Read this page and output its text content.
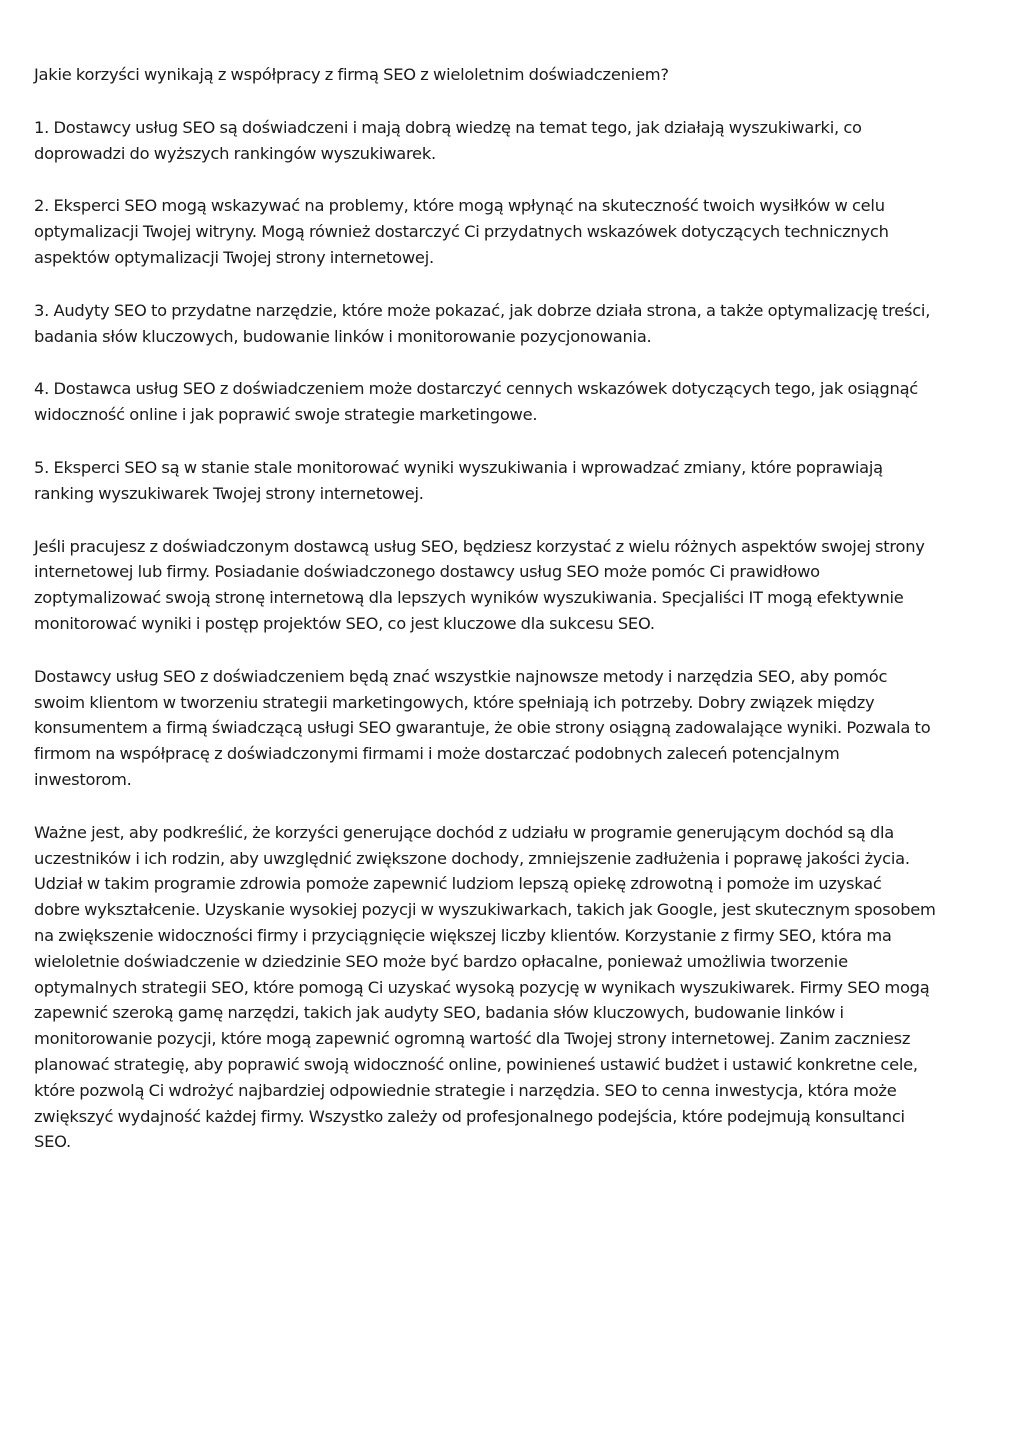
Jakie korzyści wynikają z współpracy z firmą SEO z wieloletnim doświadczeniem?

1. Dostawcy usług SEO są doświadczeni i mają dobrą wiedzę na temat tego, jak działają wyszukiwarki, co
doprowadzi do wyższych rankingów wyszukiwarek.

2. Eksperci SEO mogą wskazywać na problemy, które mogą wpłynąć na skuteczność twoich wysiłków w celu
optymalizacji Twojej witryny. Mogą również dostarczyć Ci przydatnych wskazówek dotyczących technicznych
aspektów optymalizacji Twojej strony internetowej.

3. Audyty SEO to przydatne narzędzie, które może pokazać, jak dobrze działa strona, a także optymalizację treści,
badania słów kluczowych, budowanie linków i monitorowanie pozycjonowania.

4. Dostawca usług SEO z doświadczeniem może dostarczyć cennych wskazówek dotyczących tego, jak osiągnąć
widoczność online i jak poprawić swoje strategie marketingowe.

5. Eksperci SEO są w stanie stale monitorować wyniki wyszukiwania i wprowadzać zmiany, które poprawiają
ranking wyszukiwarek Twojej strony internetowej.

Jeśli pracujesz z doświadczonym dostawcą usług SEO, będziesz korzystać z wielu różnych aspektów swojej strony
internetowej lub firmy. Posiadanie doświadczonego dostawcy usług SEO może pomóc Ci prawidłowo
zoptymalizować swoją stronę internetową dla lepszych wyników wyszukiwania. Specjaliści IT mogą efektywnie
monitorować wyniki i postęp projektów SEO, co jest kluczowe dla sukcesu SEO.

Dostawcy usług SEO z doświadczeniem będą znać wszystkie najnowsze metody i narzędzia SEO, aby pomóc
swoim klientom w tworzeniu strategii marketingowych, które spełniają ich potrzeby. Dobry związek między
konsumentem a firmą świadczącą usługi SEO gwarantuje, że obie strony osiągną zadowalające wyniki. Pozwala to
firmom na współpracę z doświadczonymi firmami i może dostarczać podobnych zaleceń potencjalnym
inwestorom.

Ważne jest, aby podkreślić, że korzyści generujące dochód z udziału w programie generującym dochód są dla
uczestników i ich rodzin, aby uwzględnić zwiększone dochody, zmniejszenie zadłużenia i poprawę jakości życia.
Udział w takim programie zdrowia pomoże zapewnić ludziom lepszą opiekę zdrowotną i pomoże im uzyskać
dobre wykształcenie. Uzyskanie wysokiej pozycji w wyszukiwarkach, takich jak Google, jest skutecznym sposobem
na zwiększenie widoczności firmy i przyciągnięcie większej liczby klientów. Korzystanie z firmy SEO, która ma
wieloletnie doświadczenie w dziedzinie SEO może być bardzo opłacalne, ponieważ umożliwia tworzenie
optymalnych strategii SEO, które pomogą Ci uzyskać wysoką pozycję w wynikach wyszukiwarek. Firmy SEO mogą
zapewnić szeroką gamę narzędzi, takich jak audyty SEO, badania słów kluczowych, budowanie linków i
monitorowanie pozycji, które mogą zapewnić ogromną wartość dla Twojej strony internetowej. Zanim zaczniesz
planować strategię, aby poprawić swoją widoczność online, powinieneś ustawić budżet i ustawić konkretne cele,
które pozwolą Ci wdrożyć najbardziej odpowiednie strategie i narzędzia. SEO to cenna inwestycja, która może
zwiększyć wydajność każdej firmy. Wszystko zależy od profesjonalnego podejścia, które podejmują konsultanci
SEO.
